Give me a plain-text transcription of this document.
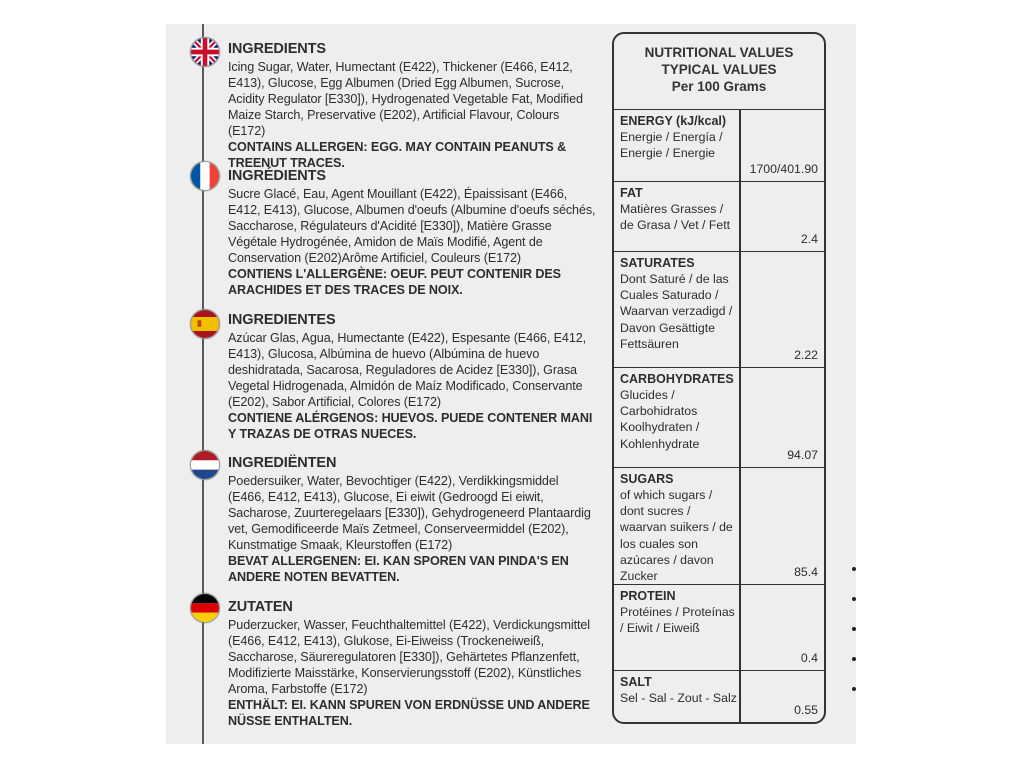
INGREDIENTS

Icing Sugar, Water, Humectant (E422), Thickener (E466, E412, E413), Glucose, Egg Albumen (Dried Egg Albumen, Sucrose, Acidity Regulator [E330]), Hydrogenated Vegetable Fat, Modified Maize Starch, Preservative (E202), Artificial Flavour, Colours (E172)

CONTAINS ALLERGEN: EGG. MAY CONTAIN PEANUTS & TREENUT TRACES.

INGRÉDIENTS

Sucre Glacé, Eau, Agent Mouillant (E422), Épaissisant (E466, E412, E413), Glucose, Albumen d'oeufs (Albumine d'oeufs séchés, Saccharose, Régulateurs d'Acidité [E330]), Matière Grasse Végétale Hydrogénée, Amidon de Maïs Modifié, Agent de Conservation (E202)Arôme Artificiel, Couleurs (E172)

CONTIENS L'ALLERGÈNE: OEUF. PEUT CONTENIR DES ARACHIDES ET DES TRACES DE NOIX.

INGREDIENTES

Azúcar Glas, Agua, Humectante (E422), Espesante (E466, E412, E413), Glucosa, Albúmina de huevo (Albúmina de huevo deshidratada, Sacarosa, Reguladores de Acidez [E330]), Grasa Vegetal Hidrogenada, Almidón de Maíz Modificado, Conservante (E202), Sabor Artificial, Colores (E172)

CONTIENE ALÉRGENOS: HUEVOS. PUEDE CONTENER MANI Y TRAZAS DE OTRAS NUECES.

INGREDIËNTEN

Poedersuiker, Water, Bevochtiger (E422), Verdikkingsmiddel (E466, E412, E413), Glucose, Ei eiwit (Gedroogd Ei eiwit, Sacharose, Zuurteregelaars [E330]), Gehydrogeneerd Plantaardig vet, Gemodificeerde Maïs Zetmeel, Conserveermiddel (E202), Kunstmatige Smaak, Kleurstoffen (E172)

BEVAT ALLERGENEN: EI. KAN SPOREN VAN PINDA'S EN ANDERE NOTEN BEVATTEN.

ZUTATEN

Puderzucker, Wasser, Feuchthaltemittel (E422), Verdickungsmittel (E466, E412, E413), Glukose, Ei-Eiweiss (Trockeneiweiß, Saccharose, Säureregulatoren [E330]), Gehärtetes Pflanzenfett, Modifizierte Maisstärke, Konservierungsstoff (E202), Künstliches Aroma, Farbstoffe (E172)

ENTHÄLT: EI. KANN SPUREN VON ERDNÜSSE UND ANDERE NÜSSE ENTHALTEN.

NUTRITIONAL VALUES
TYPICAL VALUES
Per 100 Grams
ENERGY (kJ/kcal)
Energie / Energía / Energie / Energie
1700/401.90
FAT
Matières Grasses / de Grasa / Vet / Fett
2.4
SATURATES
Dont Saturé / de las Cuales Saturado / Waarvan verzadigd / Davon Gesättigte Fettsäuren
2.22
CARBOHYDRATES
Glucides / Carbohidratos Koolhydraten / Kohlenhydrate
94.07
SUGARS
of which sugars / dont sucres / waarvan suikers / de los cuales son azúcares / davon Zucker	85.4
PROTEIN
Protéines / Proteínas / Eiwit / Eiweiß
0.4
SALT
Sel - Sal - Zout - Salz
0.55
